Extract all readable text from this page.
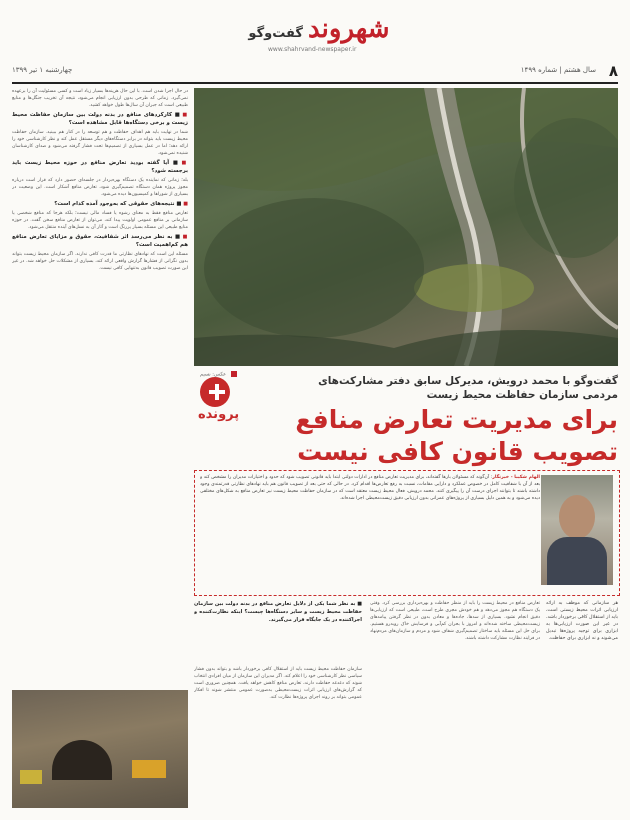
شهروند گفت‌وگو
www.shahrvand-newspaper.ir
۸
سال هشتم | شماره ۱۴۹۹
چهارشنبه ۱ تیر ۱۳۹۹

در حال اجرا شدن است. با این حال هزینه‌ها بسیار زیاد است و کسی مسئولیت آن را برعهده نمی‌گیرد. زمانی که طرحی بدون ارزیابی انجام می‌شود، نتیجه آن تخریب جنگل‌ها و منابع طبیعی است که جبران آن سال‌ها طول خواهد کشید.

■ ■ کارکردهای منافع در بدنه دولت بین سازمان حفاظت محیط زیست و برخی دستگاه‌ها قابل مشاهده است؟

شما در نهایت باید هم اهداف حفاظت و هم توسعه را در کنار هم ببینید. سازمان حفاظت محیط زیست باید بتواند در برابر دستگاه‌های دیگر مستقل عمل کند و نظر کارشناسی خود را ارائه دهد؛ اما در عمل بسیاری از تصمیم‌ها تحت فشار گرفته می‌شود و صدای کارشناسان شنیده نمی‌شود.

■ ■ آیا گفته بودید تعارض منافع در حوزه محیط زیست باید برجسته شود؟

بله؛ زمانی که نماینده یک دستگاه بهره‌بردار در جلسه‌ای حضور دارد که قرار است درباره مجوز پروژه همان دستگاه تصمیم‌گیری شود، تعارض منافع آشکار است. این وضعیت در بسیاری از شوراها و کمیسیون‌ها دیده می‌شود.

■ ■ نتیجه‌های حقوقی که به‌وجود آمده کدام است؟

تعارض منافع فقط به معنای رشوه یا فساد مالی نیست؛ بلکه هرجا که منافع شخصی یا سازمانی بر منافع عمومی اولویت پیدا کند، می‌توان از تعارض منافع سخن گفت. در حوزه منابع طبیعی این مسئله بسیار پررنگ است و آثار آن به نسل‌های آینده منتقل می‌شود.

■ ■ به نظر می‌رسد اثر شفافیت، حقوق و مزایای تعارض منافع هم کم‌اهمیت است؟

مسئله این است که نهادهای نظارتی ما قدرت کافی ندارند. اگر سازمان محیط زیست بتواند بدون نگرانی از فشارها گزارش واقعی ارائه کند، بسیاری از مشکلات حل خواهد شد. در غیر این صورت تصویب قانون به‌تنهایی کافی نیست.

عکس: نسیم
پرونده
گفت‌وگو با محمد درویش، مدیرکل سابق دفتر مشارکت‌های مردمی سازمان حفاظت محیط زیست
برای مدیریت تعارض منافع
تصویب قانون کافی نیست
الهام شکیبا - خبرنگار: آن‌گونه که مسئولان بارها گفته‌اند، برای مدیریت تعارض منافع در ادارات دولتی ابتدا باید قانونی تصویب شود که حدود و اختیارات مدیران را مشخص کند و بعد از آن با شفافیت کامل در خصوص عملکرد و دارایی مقامات، نسبت به رفع تعارض‌ها اقدام کرد. در حالی که حتی بعد از تصویب قانون هم باید نهادهای نظارتی قدرتمندی وجود داشته باشند تا بتوانند اجرای درست آن را پیگیری کنند. محمد درویش، فعال محیط زیست معتقد است که در سازمان حفاظت محیط زیست نیز تعارض منافع به شکل‌های مختلفی دیده می‌شود و به همین دلیل بسیاری از پروژه‌های عمرانی بدون ارزیابی دقیق زیست‌محیطی اجرا شده‌اند.
هر سازمانی که موظف به ارائه ارزیابی اثرات محیط زیستی است، باید از استقلال کافی برخوردار باشد. در غیر این صورت ارزیابی‌ها به ابزاری برای توجیه پروژه‌ها تبدیل می‌شوند و نه ابزاری برای حفاظت.
تعارض منافع در محیط زیست را باید از منظر حفاظت و بهره‌برداری بررسی کرد. وقتی یک دستگاه هم مجوز می‌دهد و هم خودش مجری طرح است، طبیعی است که ارزیابی‌ها دقیق انجام نشود. بسیاری از سدها، جاده‌ها و معادن بدون در نظر گرفتن پیامدهای زیست‌محیطی ساخته شده‌اند و امروز با بحران کم‌آبی و فرسایش خاک روبه‌رو هستیم. برای حل این مسئله باید ساختار تصمیم‌گیری شفاف شود و مردم و سازمان‌های مردم‌نهاد در فرایند نظارت مشارکت داشته باشند.
■ به نظر شما یکی از دلایل تعارض منافع در بدنه دولت بین سازمان حفاظت محیط زیست و سایر دستگاه‌ها چیست؟ اینکه نظارت‌کننده و اجراکننده در یک جایگاه قرار می‌گیرند.
سازمان حفاظت محیط زیست باید از استقلال کافی برخوردار باشد و بتواند بدون فشار سیاسی نظر کارشناسی خود را اعلام کند. اگر مدیران این سازمان از میان افرادی انتخاب شوند که دغدغه حفاظت دارند، تعارض منافع کاهش خواهد یافت. همچنین ضروری است که گزارش‌های ارزیابی اثرات زیست‌محیطی به‌صورت عمومی منتشر شوند تا افکار عمومی بتواند بر روند اجرای پروژه‌ها نظارت کند.
